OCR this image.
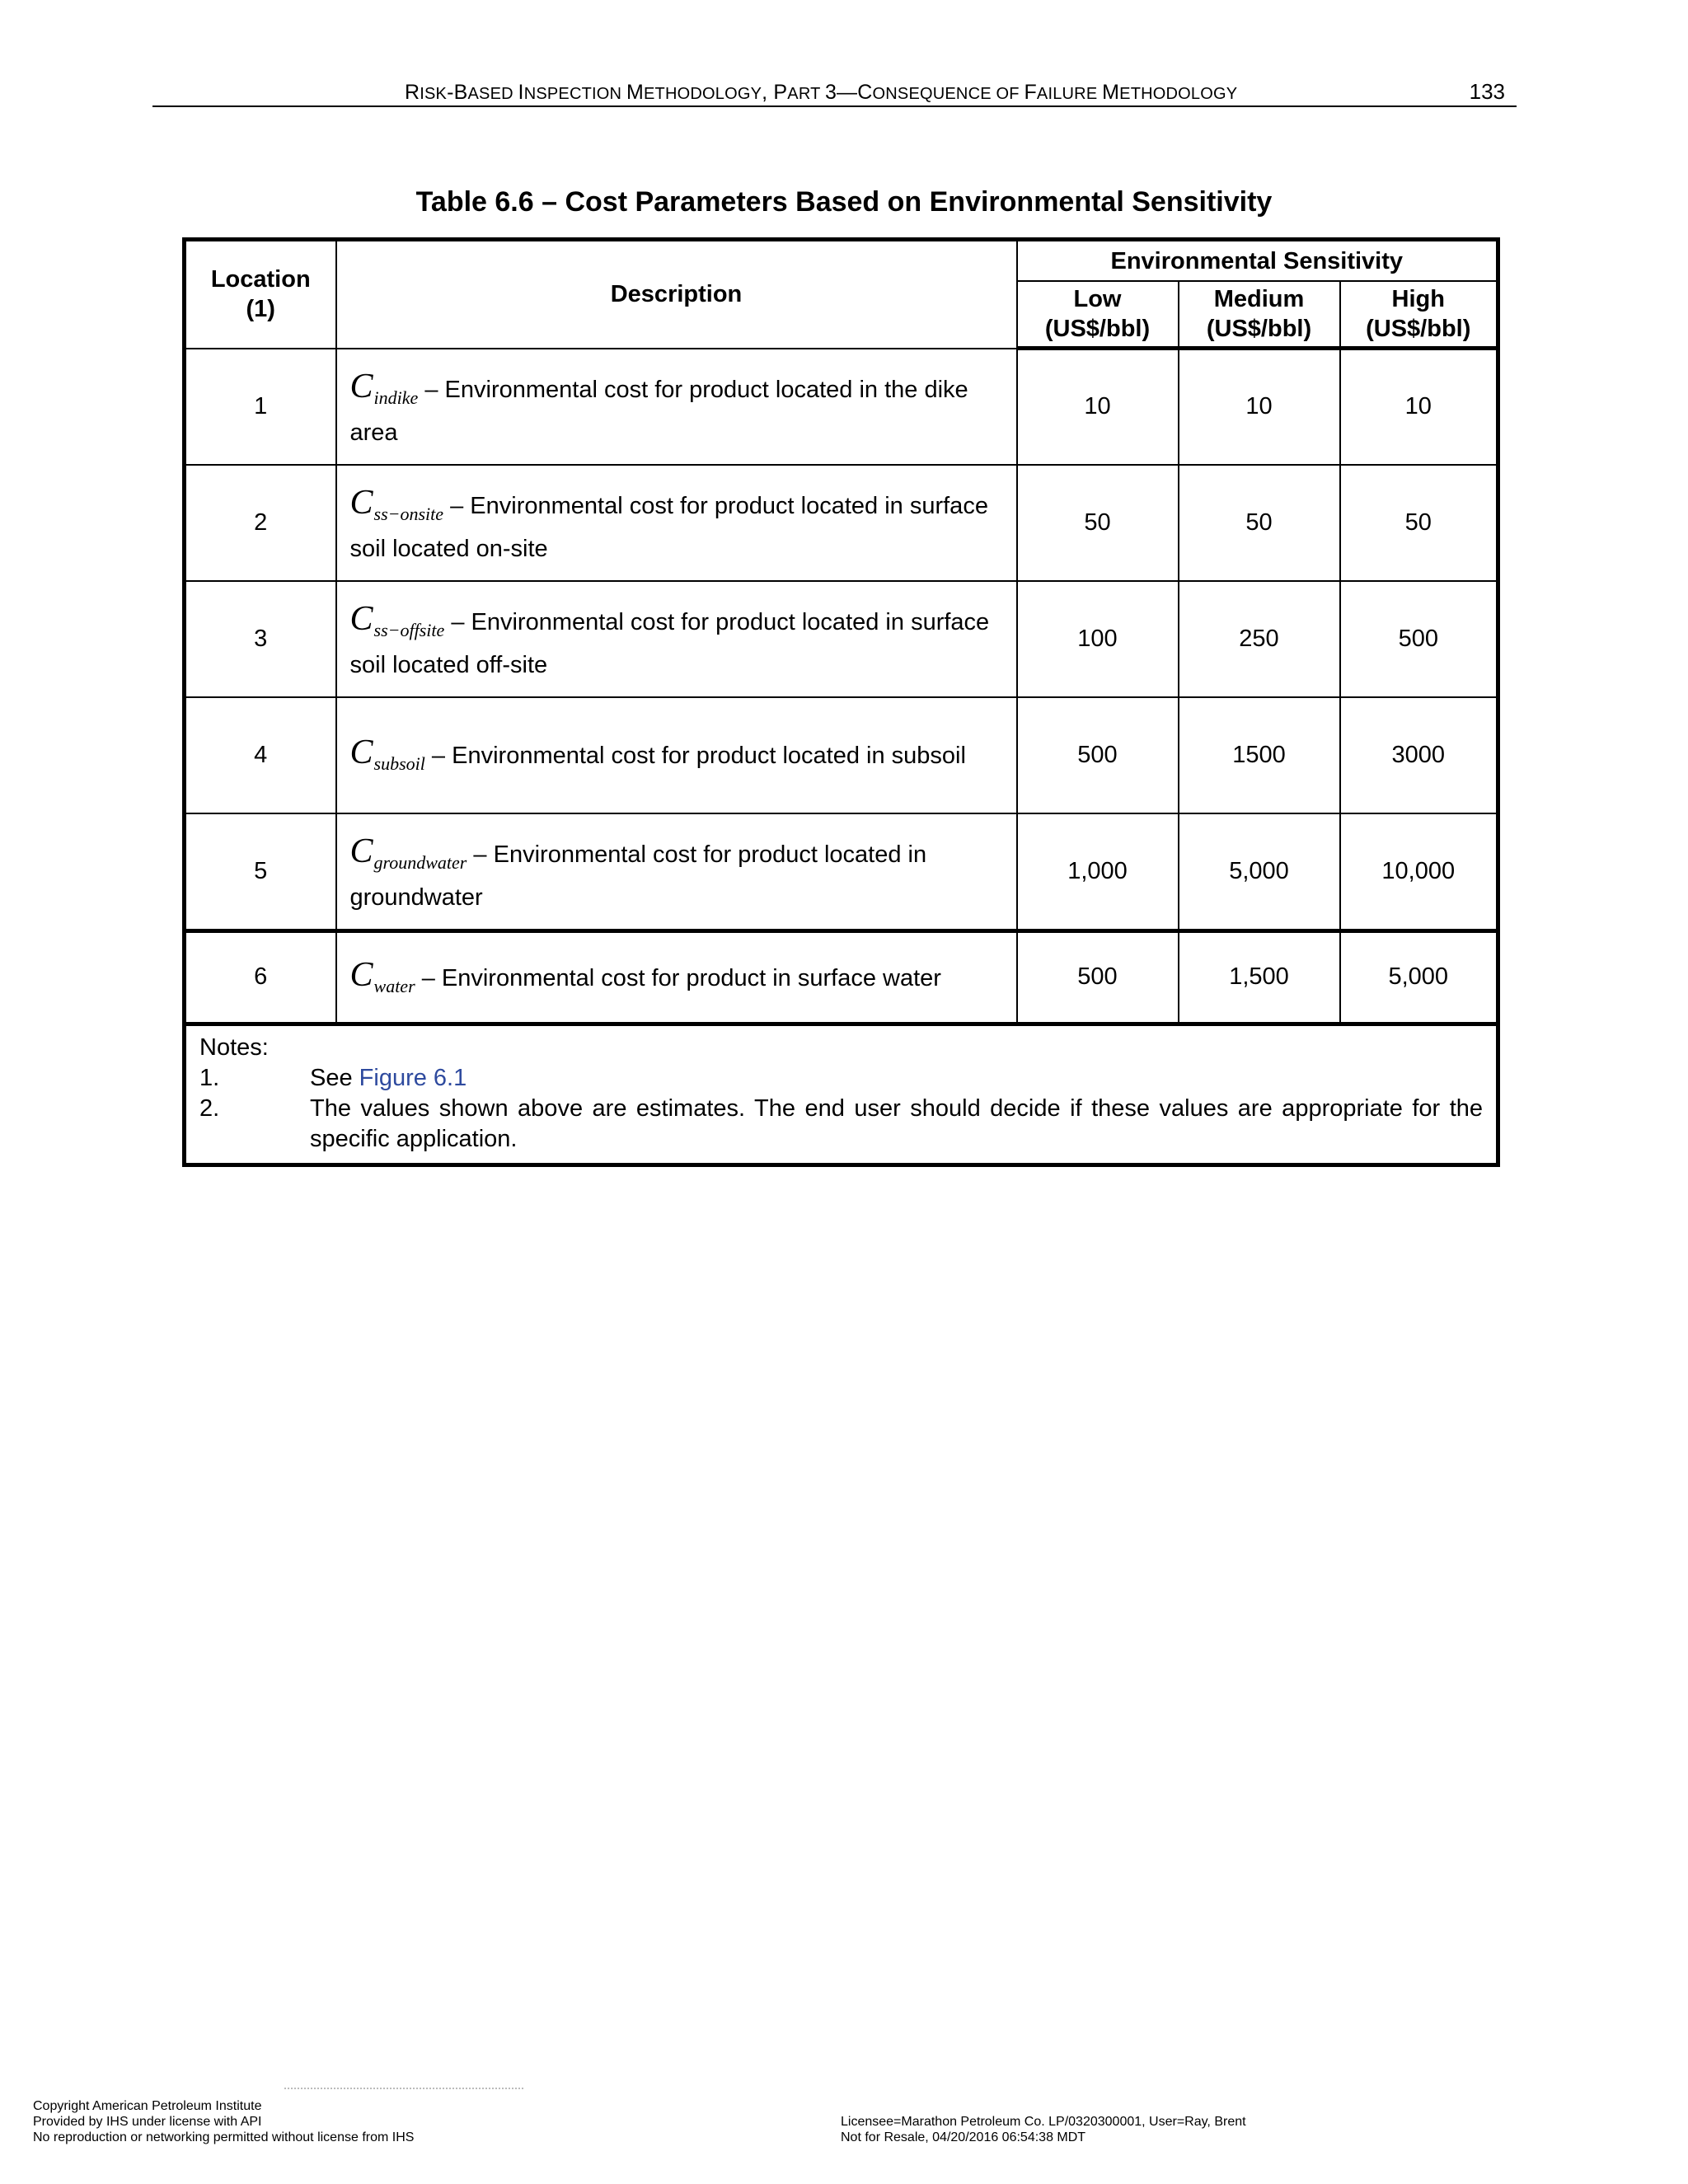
RISK-BASED INSPECTION METHODOLOGY, PART 3—CONSEQUENCE OF FAILURE METHODOLOGY	133
Table 6.6 – Cost Parameters Based on Environmental Sensitivity
Location (1)	Description	Environmental Sensitivity		
		Low (US$/bbl)	Medium (US$/bbl)	High (US$/bbl)
1	$C_{indike}$ – Environmental cost for product located in the dike area	10	10	10
2	$C_{ss-onsite}$ – Environmental cost for product located in surface soil located on-site	50	50	50
3	$C_{ss-offsite}$ – Environmental cost for product located in surface soil located off-site	100	250	500
4	$C_{subsoil}$ – Environmental cost for product located in subsoil	500	1500	3000
5	$C_{groundwater}$ – Environmental cost for product located in groundwater	1,000	5,000	10,000
6	$C_{water}$ – Environmental cost for product in surface water	500	1,500	5,000

Notes:
1. See Figure 6.1
2. The values shown above are estimates. The end user should decide if these values are appropriate for the specific application.				
Copyright American Petroleum Institute
Provided by IHS under license with API
No reproduction or networking permitted without license from IHS
Licensee=Marathon Petroleum Co. LP/0320300001, User=Ray, Brent
Not for Resale, 04/20/2016 06:54:38 MDT
